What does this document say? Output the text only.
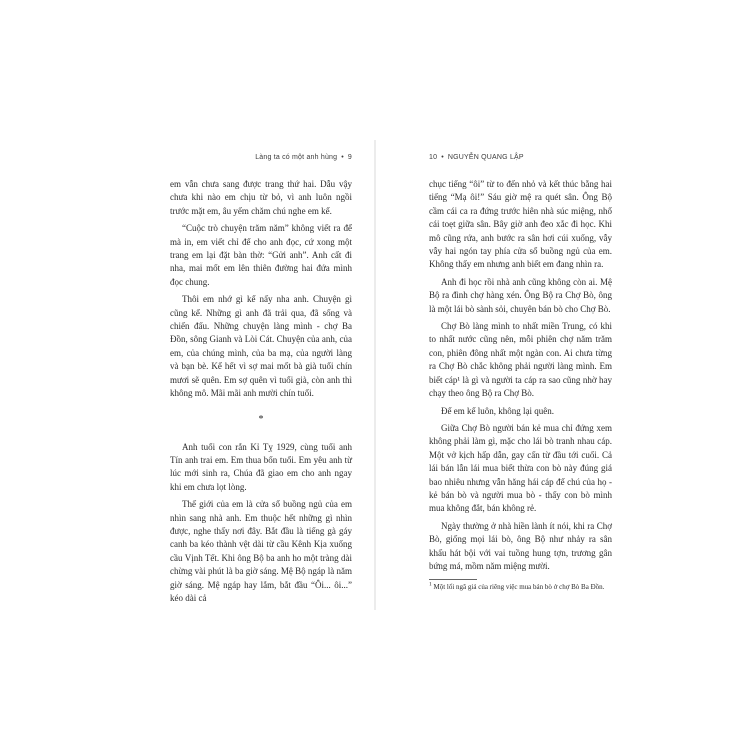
Làng ta có một anh hùng • 9

em vẫn chưa sang được trang thứ hai. Dẫu vậy chưa khi nào em chịu từ bỏ, vì anh luôn ngồi trước mặt em, âu yếm chăm chú nghe em kể.

“Cuộc trò chuyện trăm năm” không viết ra để mà in, em viết chỉ để cho anh đọc, cứ xong một trang em lại đặt bàn thờ: “Gửi anh”. Anh cất đi nha, mai mốt em lên thiên đường hai đứa mình đọc chung.

Thôi em nhớ gì kể nấy nha anh. Chuyện gì cũng kể. Những gì anh đã trải qua, đã sống và chiến đấu. Những chuyện làng mình - chợ Ba Đồn, sông Gianh và Lòi Cát. Chuyện của anh, của em, của chúng mình, của ba mạ, của người làng và bạn bè. Kể hết vì sợ mai mốt bà già tuổi chín mươi sẽ quên. Em sợ quên vì tuổi già, còn anh thì không mô. Mãi mãi anh mười chín tuổi.

*

Anh tuổi con rắn Kỉ Tỵ 1929, cùng tuổi anh Tín anh trai em. Em thua bốn tuổi. Em yêu anh từ lúc mới sinh ra, Chúa đã giao em cho anh ngay khi em chưa lọt lòng.

Thế giới của em là cửa sổ buồng ngủ của em nhìn sang nhà anh. Em thuộc hết những gì nhìn được, nghe thấy nơi đây. Bắt đầu là tiếng gà gáy canh ba kéo thành vệt dài từ cầu Kênh Kịa xuống cầu Vịnh Tết. Khi ông Bộ ba anh ho một tràng dài chừng vài phút là ba giờ sáng. Mệ Bộ ngáp là năm giờ sáng. Mệ ngáp hay lắm, bắt đầu “Ôi... ôi...” kéo dài cả

10 • NGUYỄN QUANG LẬP

chục tiếng “ôi” từ to đến nhỏ và kết thúc bằng hai tiếng “Mạ ôi!” Sáu giờ mệ ra quét sân. Ông Bộ cầm cái ca ra đứng trước hiên nhà súc miệng, nhổ cái toẹt giữa sân. Bây giờ anh đeo xắc đi học. Khi mô cũng rứa, anh bước ra sân hơi cúi xuống, vẫy vẫy hai ngón tay phía cửa sổ buồng ngủ của em. Không thấy em nhưng anh biết em đang nhìn ra.

Anh đi học rồi nhà anh cũng không còn ai. Mệ Bộ ra đình chợ hàng xén. Ông Bộ ra Chợ Bò, ông là một lái bò sành sỏi, chuyên bán bò cho Chợ Bò.

Chợ Bò làng mình to nhất miền Trung, có khi to nhất nước cũng nên, mỗi phiên chợ năm trăm con, phiên đông nhất một ngàn con. Ai chưa từng ra Chợ Bò chắc không phải người làng mình. Em biết cáp¹ là gì và người ta cáp ra sao cũng nhờ hay chạy theo ông Bộ ra Chợ Bò.

Để em kể luôn, không lại quên.

Giữa Chợ Bò người bán kẻ mua chỉ đứng xem không phải làm gì, mặc cho lái bò tranh nhau cáp. Một vở kịch hấp dẫn, gay cấn từ đầu tới cuối. Cả lái bán lẫn lái mua biết thừa con bò này đúng giá bao nhiêu nhưng vẫn hăng hái cáp để chú của họ - kẻ bán bò và người mua bò - thấy con bò mình mua không đắt, bán không rẻ.

Ngày thường ở nhà hiền lành ít nói, khi ra Chợ Bò, giống mọi lái bò, ông Bộ như nhảy ra sân khấu hát bội với vai tuồng hung tợn, trương gân bứng má, mồm năm miệng mười.

$^1$ Một lối ngã giá của riêng việc mua bán bò ở chợ Bò Ba Đồn.
